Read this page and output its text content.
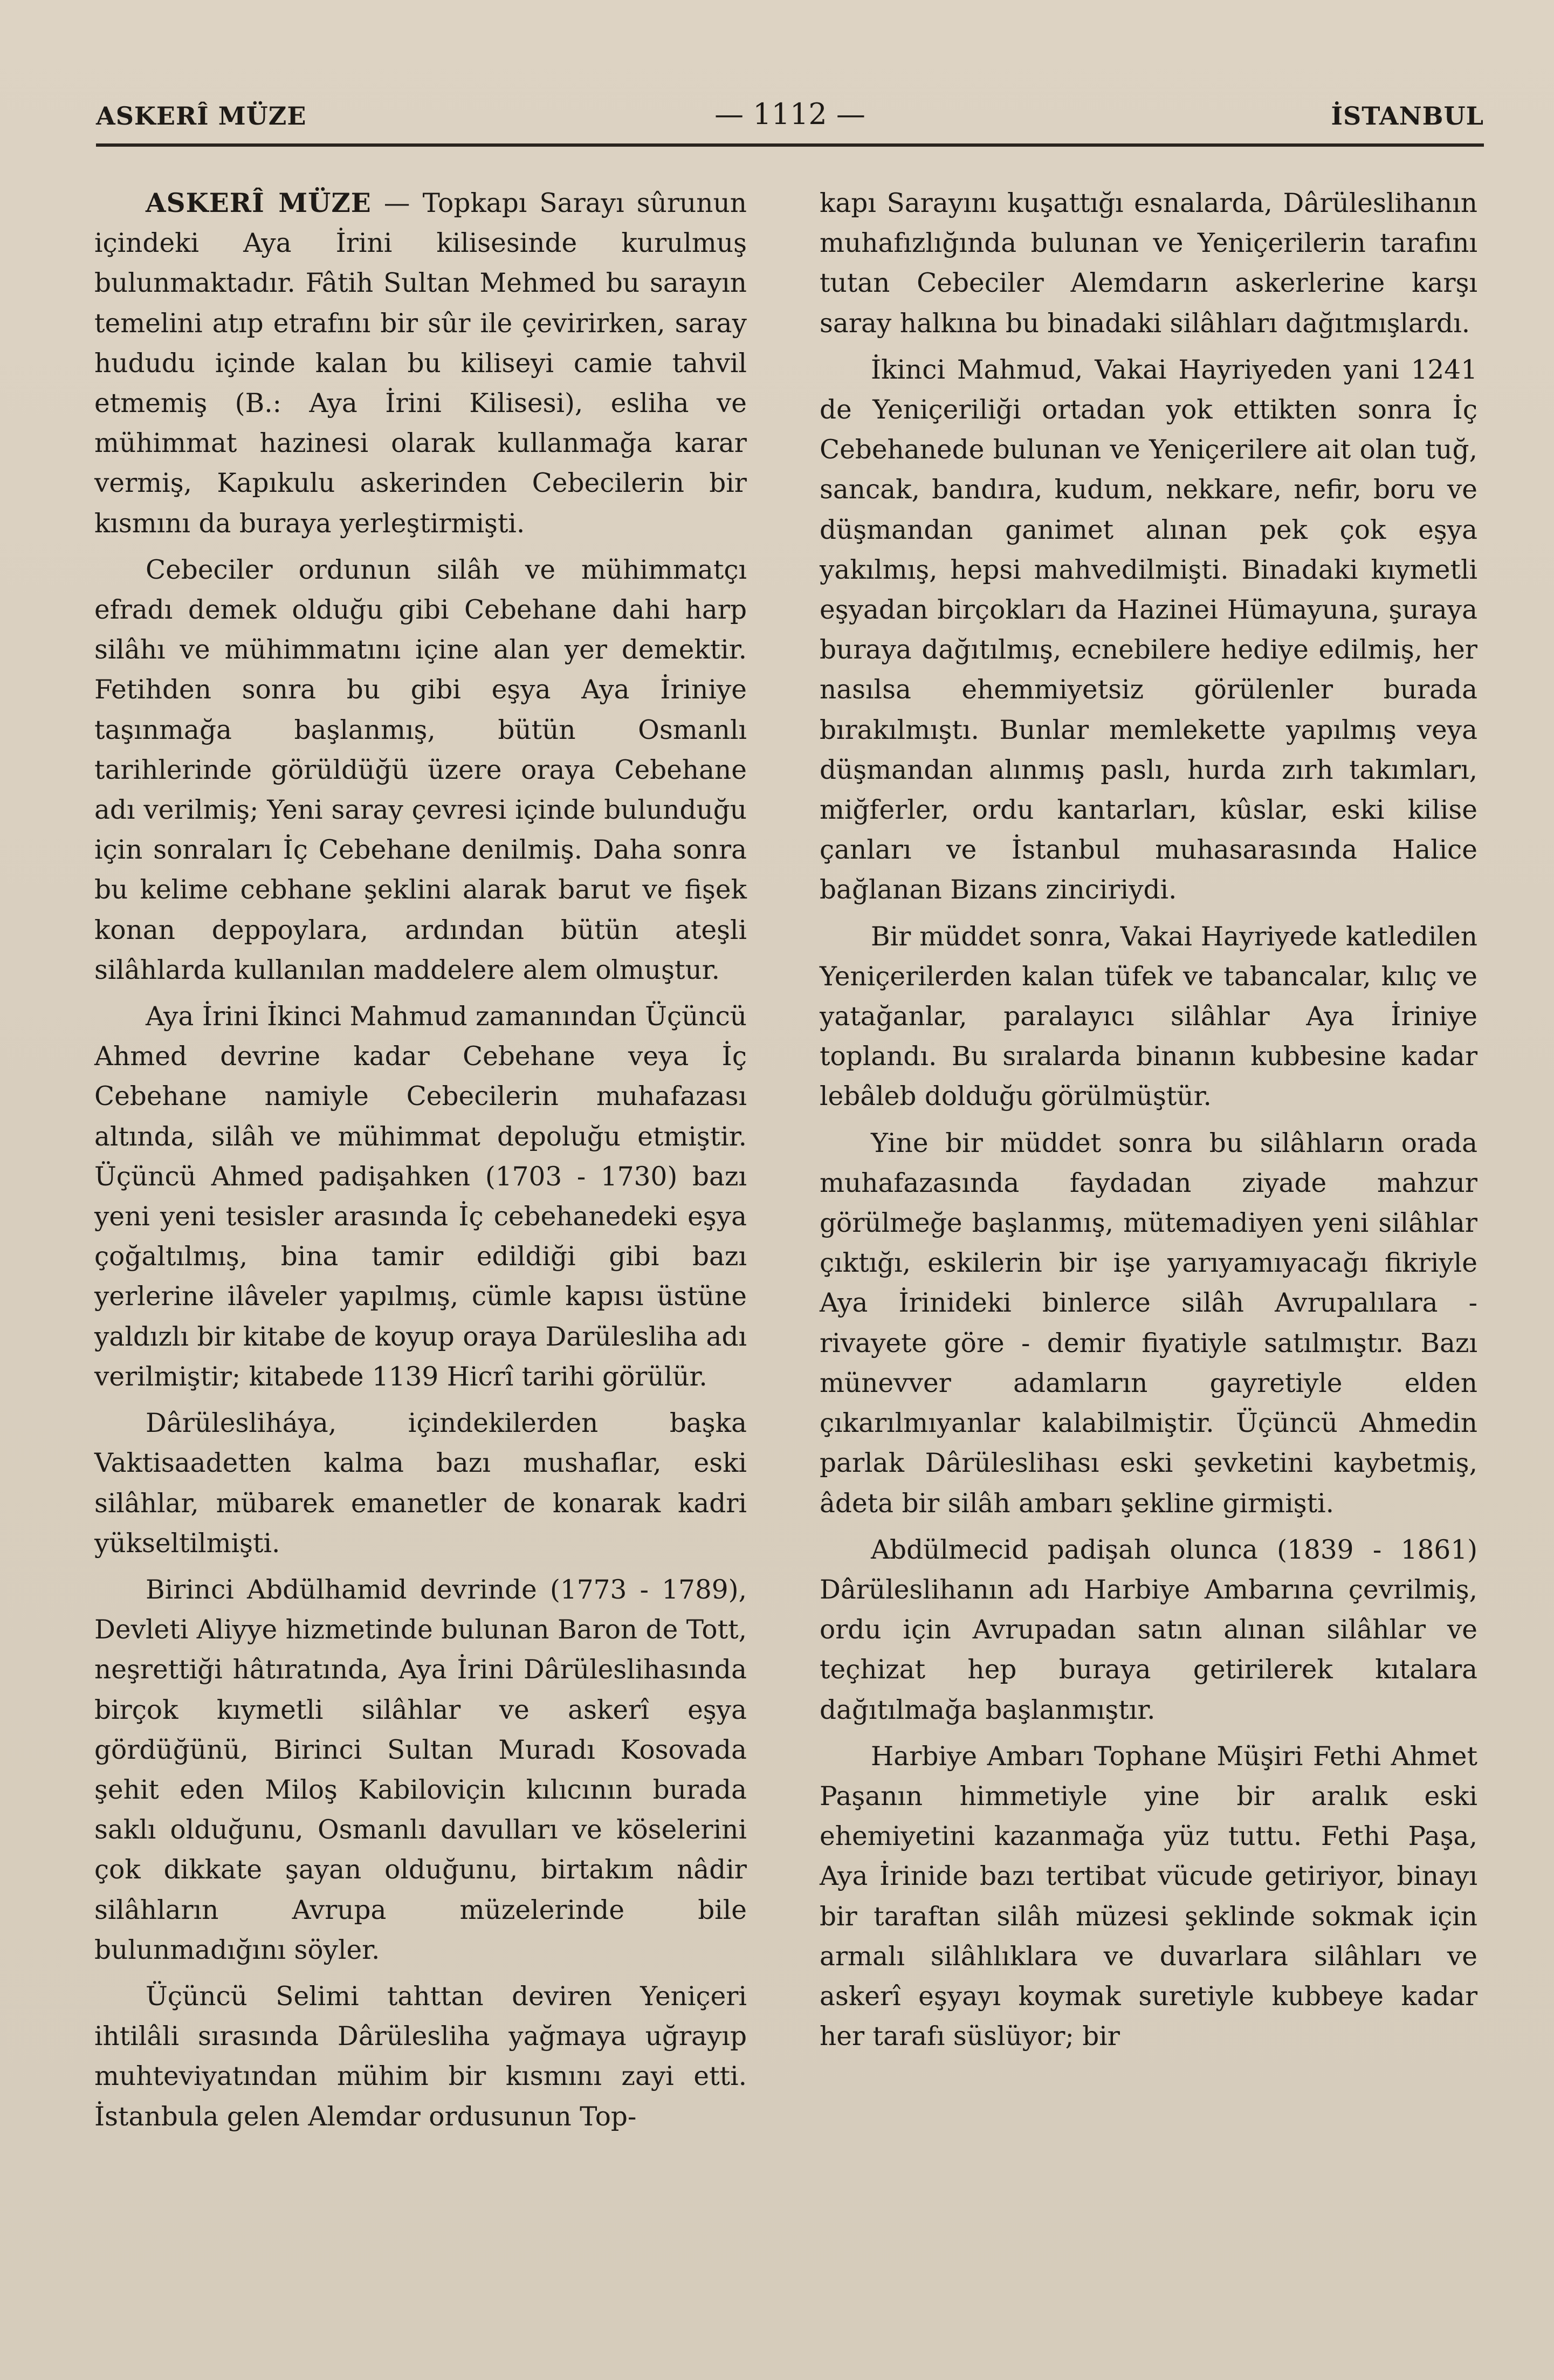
ASKERÎ MÜZE	— 1112 —	İSTANBUL

ASKERÎ MÜZE — Topkapı Sarayı sûrunun içindeki Aya İrini kilisesinde kurulmuş bulunmaktadır. Fâtih Sultan Mehmed bu sarayın temelini atıp etrafını bir sûr ile çevirirken, saray hududu içinde kalan bu kiliseyi camie tahvil etmemiş (B.: Aya İrini Kilisesi), esliha ve mühimmat hazinesi olarak kullanmağa karar vermiş, Kapıkulu askerinden Cebecilerin bir kısmını da buraya yerleştirmişti.

Cebeciler ordunun silâh ve mühimmatçı efradı demek olduğu gibi Cebehane dahi harp silâhı ve mühimmatını içine alan yer demektir. Fetihden sonra bu gibi eşya Aya İriniye taşınmağa başlanmış, bütün Osmanlı tarihlerinde görüldüğü üzere oraya Cebehane adı verilmiş; Yeni saray çevresi içinde bulunduğu için sonraları İç Cebehane denilmiş. Daha sonra bu kelime cebhane şeklini alarak barut ve fişek konan deppoylara, ardından bütün ateşli silâhlarda kullanılan maddelere alem olmuştur.

Aya İrini İkinci Mahmud zamanından Üçüncü Ahmed devrine kadar Cebehane veya İç Cebehane namiyle Cebecilerin muhafazası altında, silâh ve mühimmat depoluğu etmiştir. Üçüncü Ahmed padişahken (1703 - 1730) bazı yeni yeni tesisler arasında İç cebehanedeki eşya çoğaltılmış, bina tamir edildiği gibi bazı yerlerine ilâveler yapılmış, cümle kapısı üstüne yaldızlı bir kitabe de koyup oraya Darülesliha adı verilmiştir; kitabede 1139 Hicrî tarihi görülür.

Dârülesliháya, içindekilerden başka Vaktisaadetten kalma bazı mushaflar, eski silâhlar, mübarek emanetler de konarak kadri yükseltilmişti.

Birinci Abdülhamid devrinde (1773 - 1789), Devleti Aliyye hizmetinde bulunan Baron de Tott, neşrettiği hâtıratında, Aya İrini Dârüleslihasında birçok kıymetli silâhlar ve askerî eşya gördüğünü, Birinci Sultan Muradı Kosovada şehit eden Miloş Kabiloviçin kılıcının burada saklı olduğunu, Osmanlı davulları ve köselerini çok dikkate şayan olduğunu, birtakım nâdir silâhların Avrupa müzelerinde bile bulunmadığını söyler.

Üçüncü Selimi tahttan deviren Yeniçeri ihtilâli sırasında Dârülesliha yağmaya uğrayıp muhteviyatından mühim bir kısmını zayi etti. İstanbula gelen Alemdar ordusunun Top-

kapı Sarayını kuşattığı esnalarda, Dârüleslihanın muhafızlığında bulunan ve Yeniçerilerin tarafını tutan Cebeciler Alemdarın askerlerine karşı saray halkına bu binadaki silâhları dağıtmışlardı.

İkinci Mahmud, Vakai Hayriyeden yani 1241 de Yeniçeriliği ortadan yok ettikten sonra İç Cebehanede bulunan ve Yeniçerilere ait olan tuğ, sancak, bandıra, kudum, nekkare, nefir, boru ve düşmandan ganimet alınan pek çok eşya yakılmış, hepsi mahvedilmişti. Binadaki kıymetli eşyadan birçokları da Hazinei Hümayuna, şuraya buraya dağıtılmış, ecnebilere hediye edilmiş, her nasılsa ehemmiyetsiz görülenler burada bırakılmıştı. Bunlar memlekette yapılmış veya düşmandan alınmış paslı, hurda zırh takımları, miğferler, ordu kantarları, kûslar, eski kilise çanları ve İstanbul muhasarasında Halice bağlanan Bizans zinciriydi.

Bir müddet sonra, Vakai Hayriyede katledilen Yeniçerilerden kalan tüfek ve tabancalar, kılıç ve yatağanlar, paralayıcı silâhlar Aya İriniye toplandı. Bu sıralarda binanın kubbesine kadar lebâleb dolduğu görülmüştür.

Yine bir müddet sonra bu silâhların orada muhafazasında faydadan ziyade mahzur görülmeğe başlanmış, mütemadiyen yeni silâhlar çıktığı, eskilerin bir işe yarıyamıyacağı fikriyle Aya İrinideki binlerce silâh Avrupalılara - rivayete göre - demir fiyatiyle satılmıştır. Bazı münevver adamların gayretiyle elden çıkarılmıyanlar kalabilmiştir. Üçüncü Ahmedin parlak Dârüleslihası eski şevketini kaybetmiş, âdeta bir silâh ambarı şekline girmişti.

Abdülmecid padişah olunca (1839 - 1861) Dârüleslihanın adı Harbiye Ambarına çevrilmiş, ordu için Avrupadan satın alınan silâhlar ve teçhizat hep buraya getirilerek kıtalara dağıtılmağa başlanmıştır.

Harbiye Ambarı Tophane Müşiri Fethi Ahmet Paşanın himmetiyle yine bir aralık eski ehemiyetini kazanmağa yüz tuttu. Fethi Paşa, Aya İrinide bazı tertibat vücude getiriyor, binayı bir taraftan silâh müzesi şeklinde sokmak için armalı silâhlıklara ve duvarlara silâhları ve askerî eşyayı koymak suretiyle kubbeye kadar her tarafı süslüyor; bir
